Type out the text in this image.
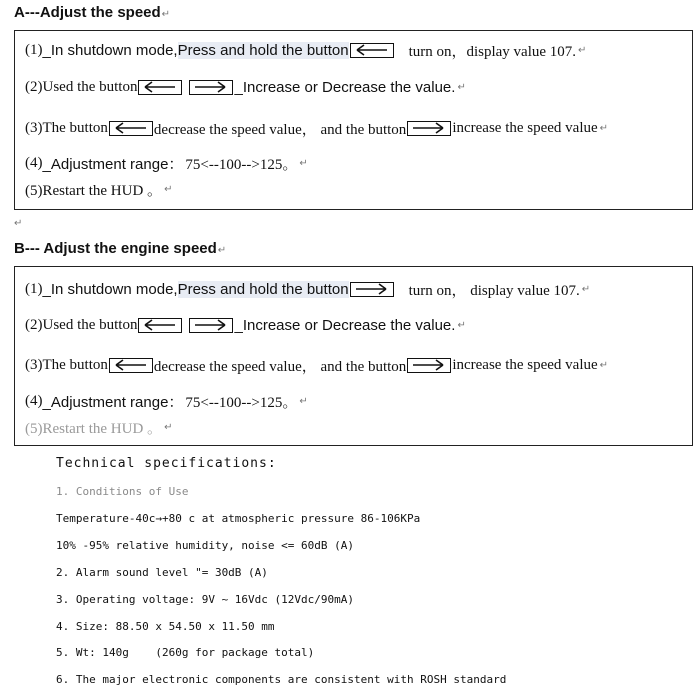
A---Adjust the speed↵
(1) _In shutdown mode, Press and hold the button	turn on，display value 107. ↵
(2)Used the button	_Increase or Decrease the value. ↵
(3)The button	decrease the speed value， and the button	increase the speed value ↵
(4) _Adjustment range： 75<--100-->125。 ↵
(5)Restart the HUD 。 ↵
↵
B--- Adjust the engine speed↵
(1) _In shutdown mode, Press and hold the button	turn on， display value 107. ↵
(2)Used the button	_Increase or Decrease the value. ↵
(3)The button	decrease the speed value， and the button	increase the speed value ↵
(4) _Adjustment range： 75<--100-->125。 ↵
(5)Restart the HUD 。 ↵
Technical specifications:
1. Conditions of Use
Temperature-40c→+80 c at atmospheric pressure 86-106KPa
10% -95% relative humidity, noise <= 60dB (A)
2. Alarm sound level "= 30dB (A)
3. Operating voltage: 9V ~ 16Vdc (12Vdc/90mA)
4. Size: 88.50 x 54.50 x 11.50 mm
5. Wt: 140g    (260g for package total)
6. The major electronic components are consistent with ROSH standard
